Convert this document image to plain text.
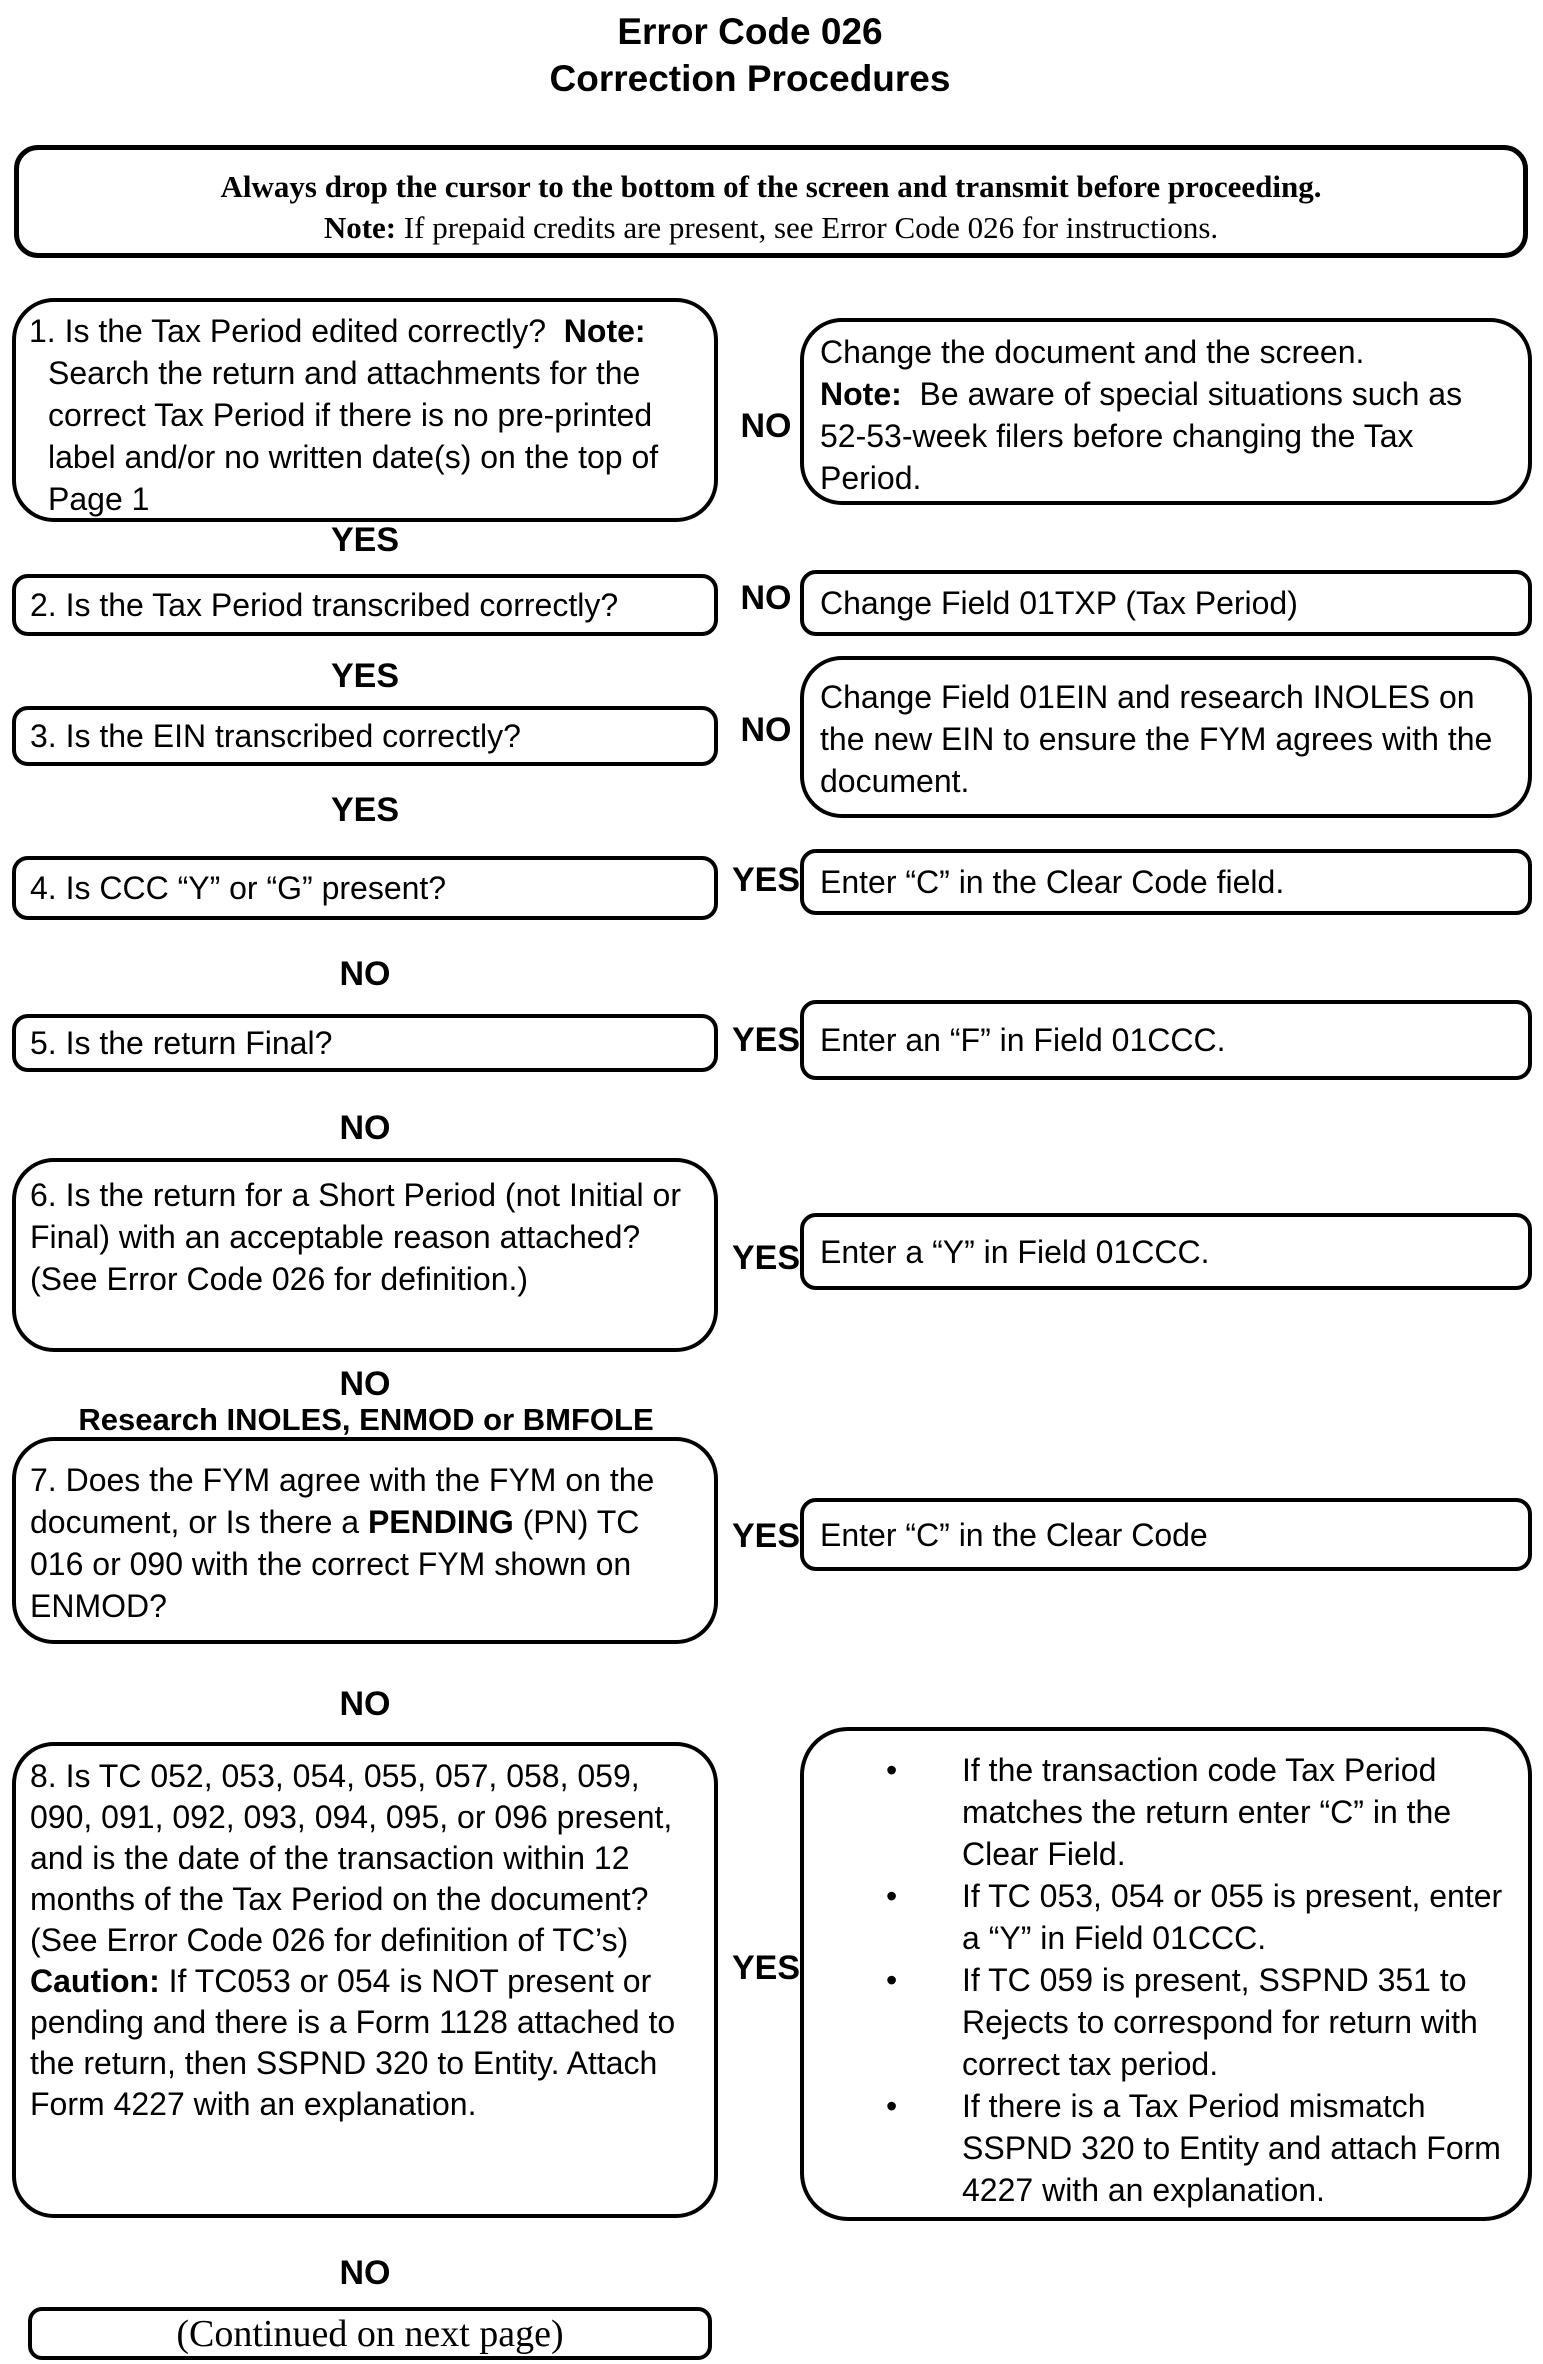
Error Code 026
Correction Procedures

Always drop the cursor to the bottom of the screen and transmit before proceeding.

Note: If prepaid credits are present, see Error Code 026 for instructions.

1. Is the Tax Period edited correctly?  Note: Search the return and attachments for the correct Tax Period if there is no pre-printed label and/or no written date(s) on the top of Page 1

NO

Change the document and the screen.

Note:  Be aware of special situations such as 52-53-week filers before changing the Tax Period.

YES

2. Is the Tax Period transcribed correctly?	NO Change Field 01TXP (Tax Period)

YES

3. Is the EIN transcribed correctly?	NO

Change Field 01EIN and research INOLES on the new EIN to ensure the FYM agrees with the document.

YES

4. Is CCC “Y” or “G” present?	YES Enter “C” in the Clear Code field.

NO

5. Is the return Final?	YES Enter an “F” in Field 01CCC.

NO

6. Is the return for a Short Period (not Initial or Final) with an acceptable reason attached?  (See Error Code 026 for definition.)

YES Enter a “Y” in Field 01CCC.

NO
Research INOLES, ENMOD or BMFOLE

7. Does the FYM agree with the FYM on the document, or Is there a PENDING (PN) TC 016 or 090 with the correct FYM shown on ENMOD?

YES Enter “C” in the Clear Code

NO

8. Is TC 052, 053, 054, 055, 057, 058, 059, 090, 091, 092, 093, 094, 095, or 096 present, and is the date of the transaction within 12 months of the Tax Period on the document?  (See Error Code 026 for definition of TC’s)

Caution: If TC053 or 054 is NOT present or pending and there is a Form 1128 attached to the return, then SSPND 320 to Entity. Attach Form 4227 with an explanation.

YES
• If the transaction code Tax Period matches the return enter “C” in the Clear Field.
• If TC 053, 054 or 055 is present, enter a “Y” in Field 01CCC.
• If TC 059 is present, SSPND 351 to Rejects to correspond for return with correct tax period.
• If there is a Tax Period mismatch SSPND 320 to Entity and attach Form 4227 with an explanation.
NO

(Continued on next page)
